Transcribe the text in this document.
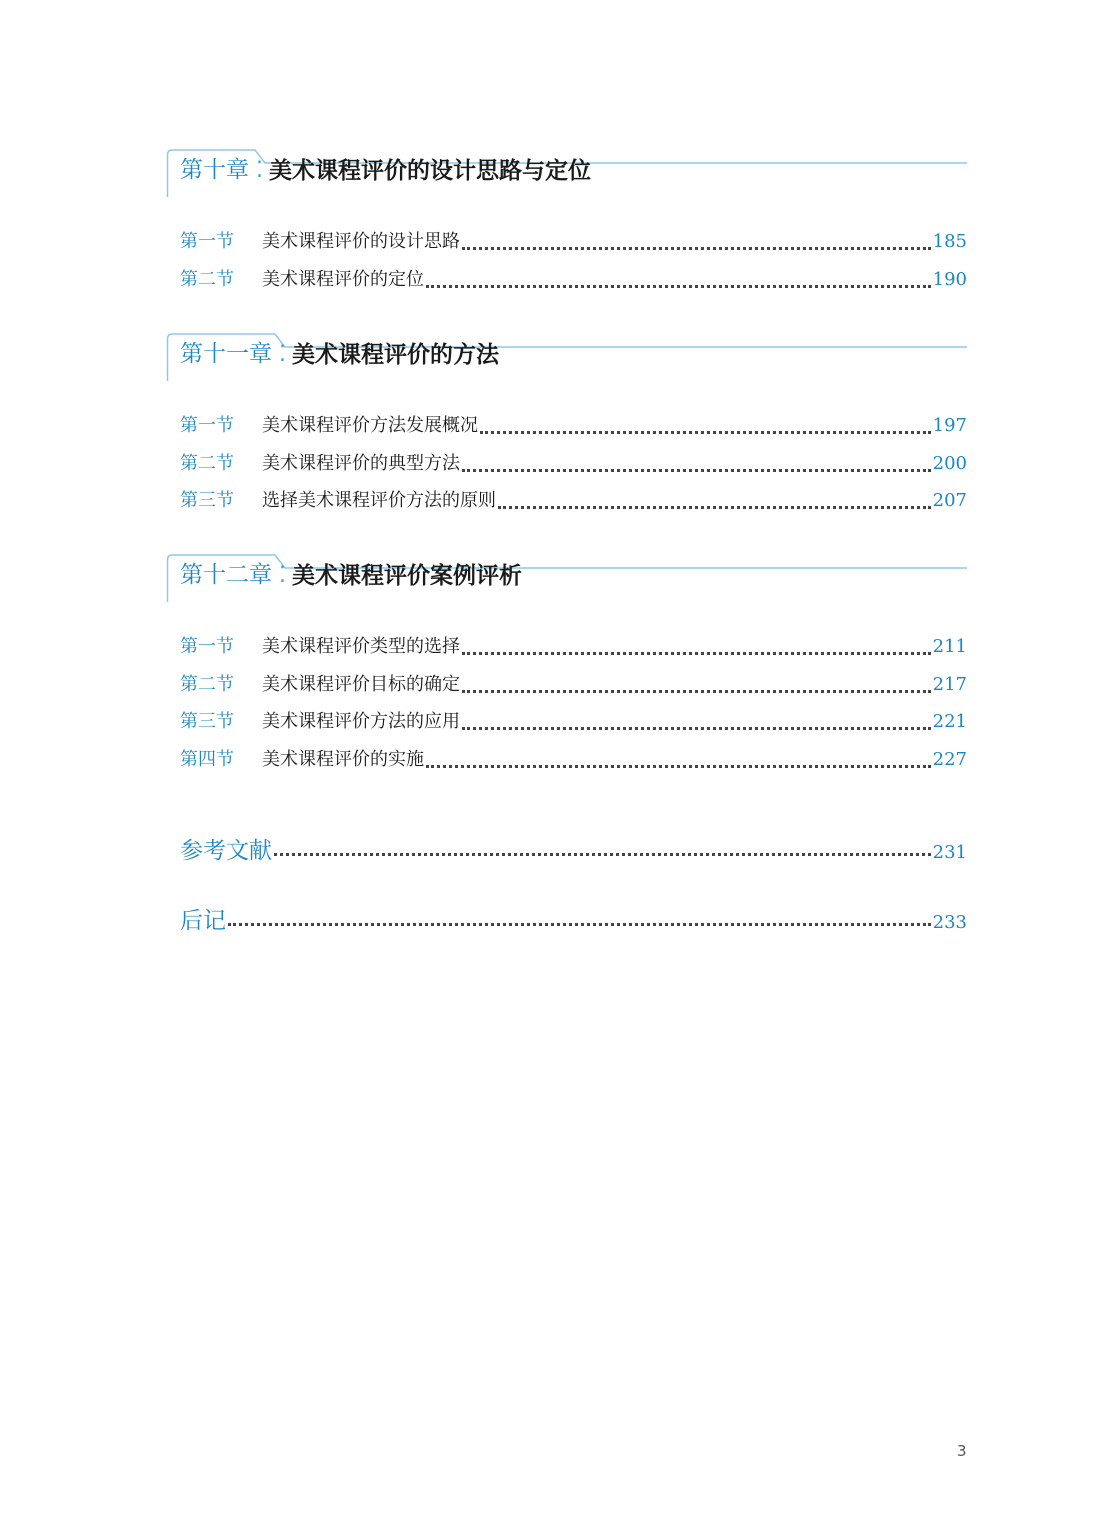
第十章 ⁚ 美术课程评价的设计思路与定位
第一节	美术课程评价的设计思路	185
第二节	美术课程评价的定位	190
第十一章 ⁚ 美术课程评价的方法
第一节	美术课程评价方法发展概况	197
第二节	美术课程评价的典型方法	200
第三节	选择美术课程评价方法的原则	207
第十二章 ⁚ 美术课程评价案例评析
第一节	美术课程评价类型的选择	211
第二节	美术课程评价目标的确定	217
第三节	美术课程评价方法的应用	221
第四节	美术课程评价的实施	227
参考文献	231
后记	233
3
